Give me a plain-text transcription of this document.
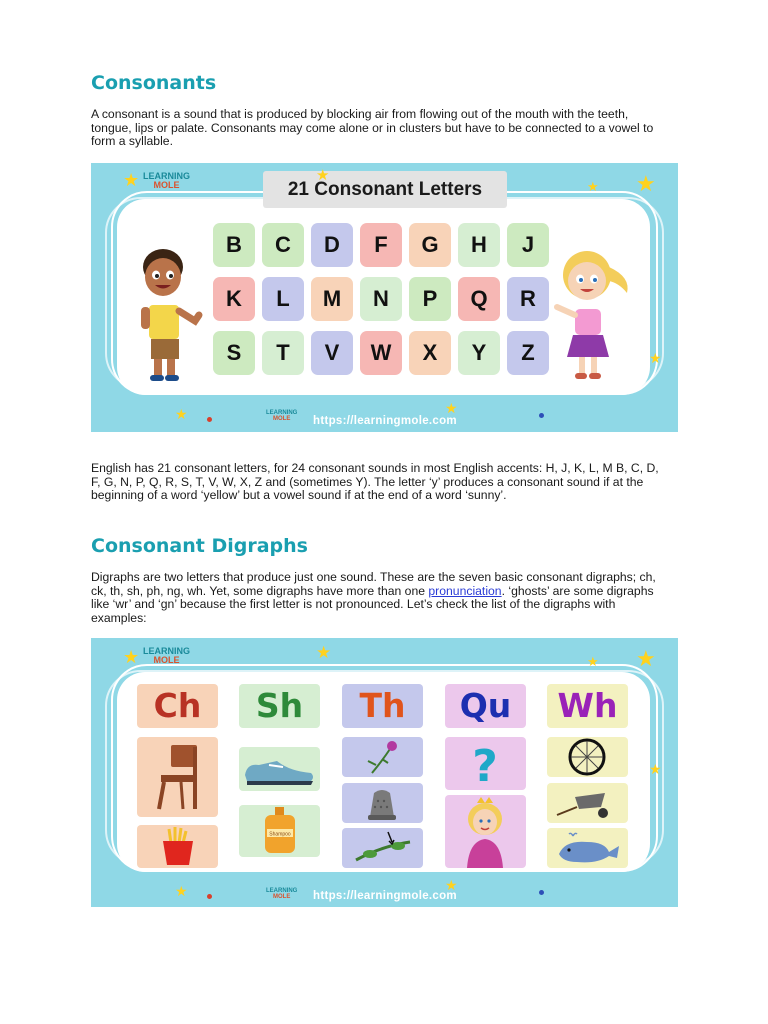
Consonants

A consonant is a sound that is produced by blocking air from flowing out of the mouth with the teeth, tongue, lips or palate. Consonants may come alone or in clusters but have to be connected to a vowel to form a syllable.

LEARNING
MOLE
LEARNING
MOLE
21 Consonant Letters
B	C	D	F	G	H	J
K	L	M	N	P	Q	R
S	T	V	W	X	Y	Z
★	★
★
★
★	★
★
https://learningmole.com

English has 21 consonant letters, for 24 consonant sounds in most English accents: H, J, K, L, M B, C, D, F, G, N, P, Q, R, S, T, V, W, X, Z and (sometimes Y). The letter ‘y’ produces a consonant sound if at the beginning of a word ‘yellow’ but a vowel sound if at the end of a word ‘sunny’.

Consonant Digraphs

Digraphs are two letters that produce just one sound. These are the seven basic consonant digraphs; ch, ck, th, sh, ph, ng, wh. Yet, some digraphs have more than one pronunciation. ‘ghosts’ are some digraphs like ‘wr’ and ‘gn’ because the first letter is not pronounced. Let’s check the list of the digraphs with examples:

LEARNING
MOLE
LEARNING
MOLE
Ch	Sh	Th	Qu	Wh
Shampoo
?
★	★
★
★
★	★
★
https://learningmole.com
